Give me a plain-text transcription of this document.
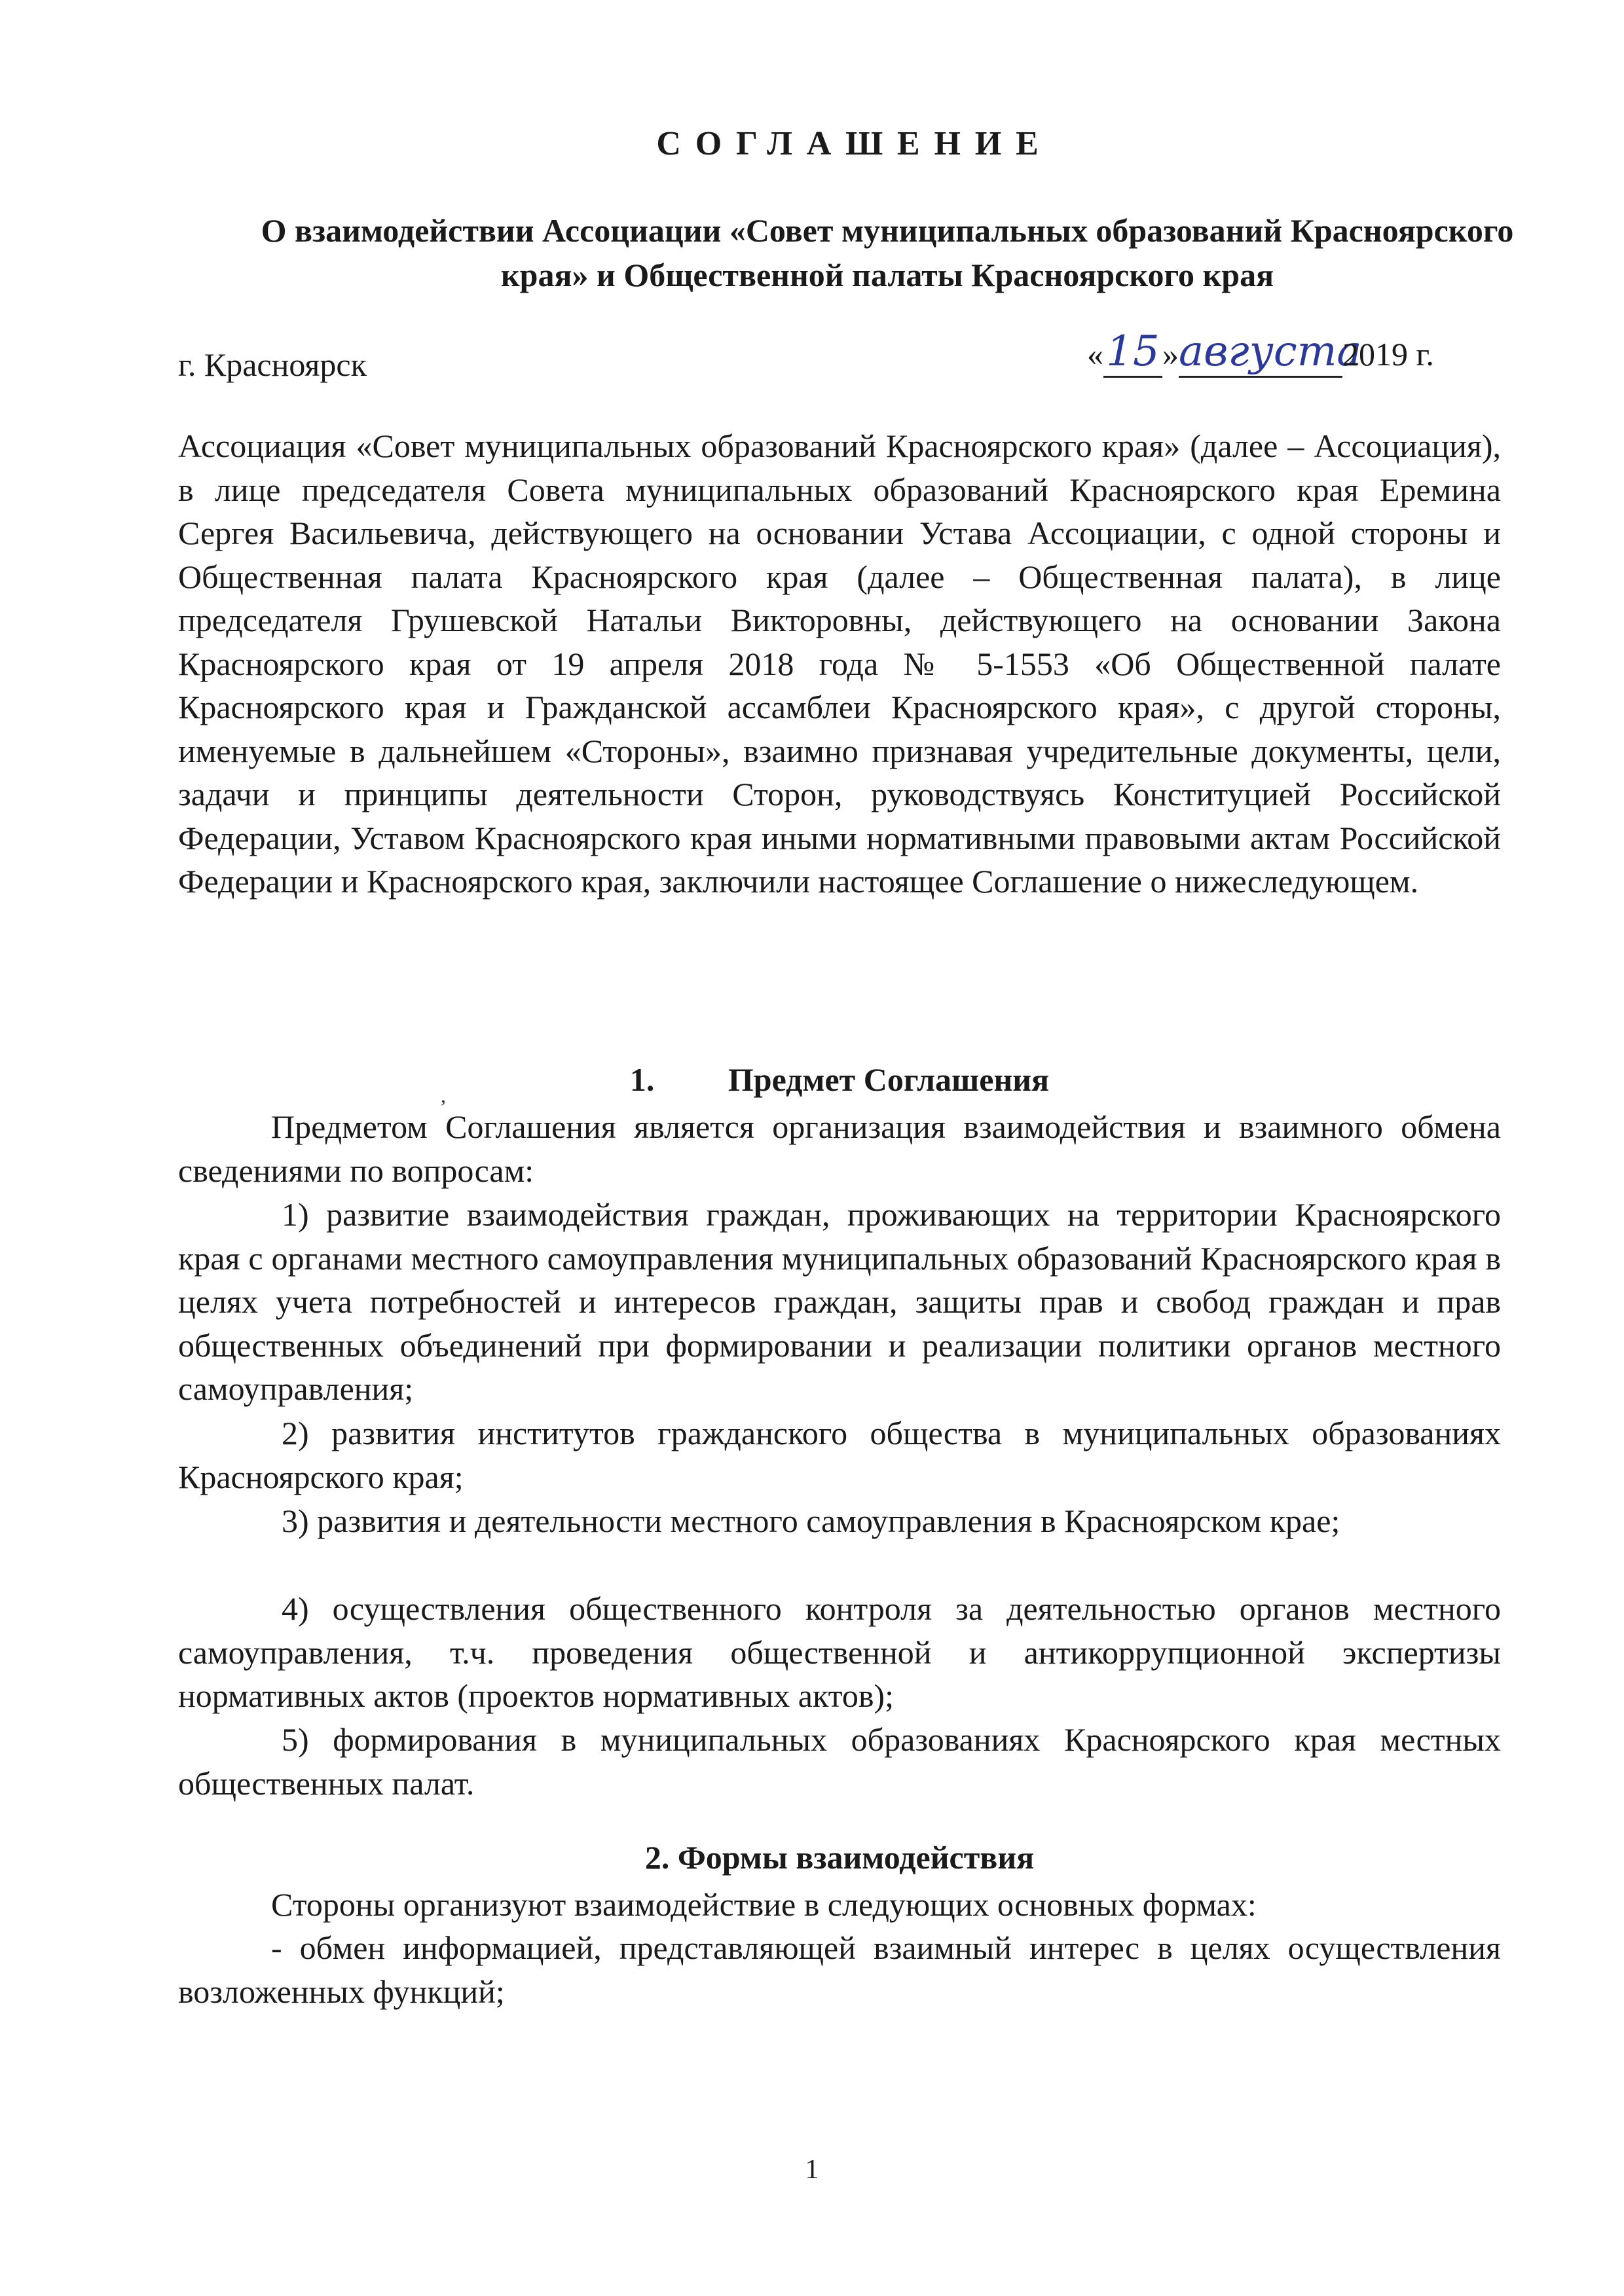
СОГЛАШЕНИЕ
О взаимодействии Ассоциации «Совет муниципальных образований Красноярского края» и Общественной палаты Красноярского края
г. Красноярск	«15»августа2019 г.

Ассоциация «Совет муниципальных образований Красноярского края» (далее – Ассоциация), в лице председателя Совета муниципальных образований Красноярского края Еремина Сергея Васильевича, действующего на основании Устава Ассоциации, с одной стороны и Общественная палата Красноярского края (далее – Общественная палата), в лице председателя Грушевской Натальи Викторовны, действующего на основании Закона Красноярского края от 19 апреля 2018 года № 5-1553 «Об Общественной палате Красноярского края и Гражданской ассамблеи Красноярского края», с другой стороны, именуемые в дальнейшем «Стороны», взаимно признавая учредительные документы, цели, задачи и принципы деятельности Сторон, руководствуясь Конституцией Российской Федерации, Уставом Красноярского края иными нормативными правовыми актам Российской Федерации и Красноярского края, заключили настоящее Соглашение о нижеследующем.

,	1. Предмет Соглашения

Предметом Соглашения является организация взаимодействия и взаимного обмена сведениями по вопросам:

1) развитие взаимодействия граждан, проживающих на территории Красноярского края с органами местного самоуправления муниципальных образований Красноярского края в целях учета потребностей и интересов граждан, защиты прав и свобод граждан и прав общественных объединений при формировании и реализации политики органов местного самоуправления;

2) развития институтов гражданского общества в муниципальных образованиях Красноярского края;

3) развития и деятельности местного самоуправления в Красноярском крае;

4) осуществления общественного контроля за деятельностью органов местного самоуправления, т.ч. проведения общественной и антикоррупционной экспертизы нормативных актов (проектов нормативных актов);

5) формирования в муниципальных образованиях Красноярского края местных общественных палат.

2. Формы взаимодействия

Стороны организуют взаимодействие в следующих основных формах:

- обмен информацией, представляющей взаимный интерес в целях осуществления возложенных функций;

1
